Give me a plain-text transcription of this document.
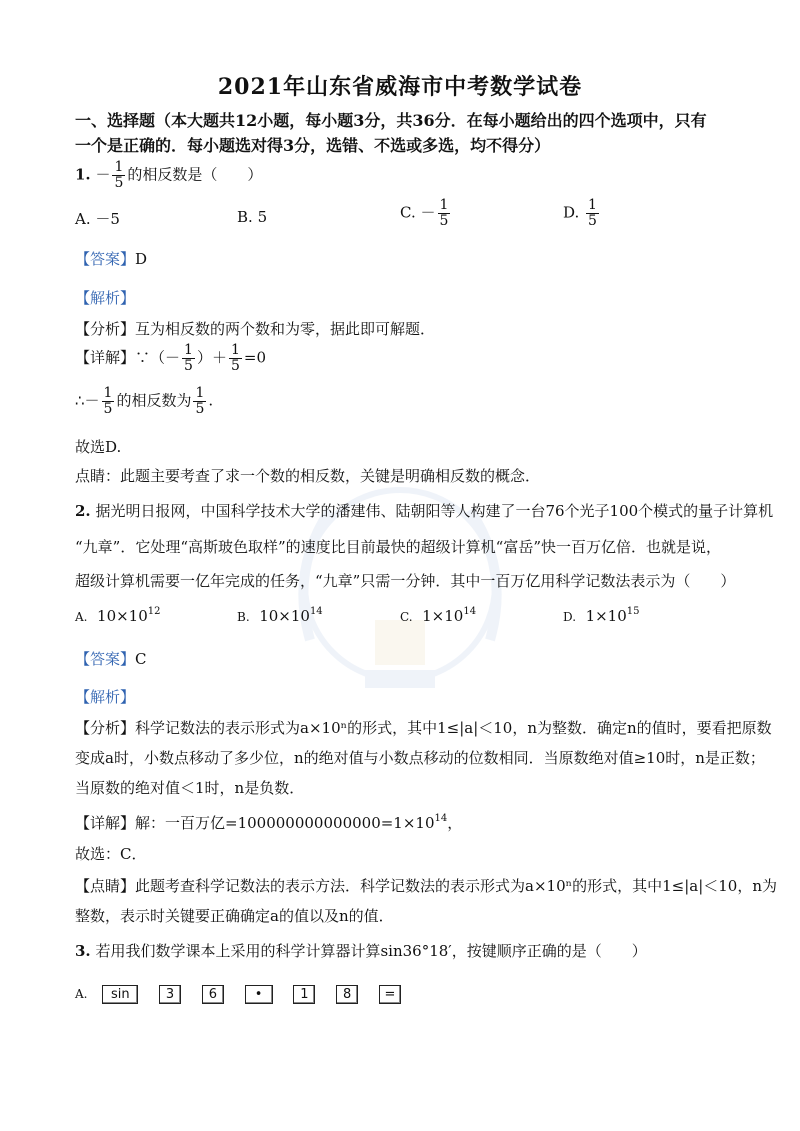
2021年山东省威海市中考数学试卷
一、选择题（本大题共12小题，每小题3分，共36分．在每小题给出的四个选项中，只有
一个是正确的．每小题选对得3分，选错、不选或多选，均不得分）
1. － $\frac{1}{5}$ 的相反数是（　　）
A. －5	B. 5	C. － $\frac{1}{5}$	D. $\frac{1}{5}$
【答案】D
【解析】
【分析】互为相反数的两个数和为零，据此即可解题．
【详解】∵（－ $\frac{1}{5}$ ）＋ $\frac{1}{5} =0$
∴－ $\frac{1}{5}$ 的相反数为 $\frac{1}{5}$ .
故选D.
点睛：此题主要考查了求一个数的相反数，关键是明确相反数的概念．
2. 据光明日报网，中国科学技术大学的潘建伟、陆朝阳等人构建了一台76个光子100个模式的量子计算机
“九章”．它处理“高斯玻色取样”的速度比目前最快的超级计算机“富岳”快一百万亿倍．也就是说，
超级计算机需要一亿年完成的任务，“九章”只需一分钟．其中一百万亿用科学记数法表示为（　　）
A. $10\times 10^{12}$	B. $10\times 10^{14}$	C. $1\times 10^{14}$	D. $1\times 10^{15}$
【答案】C
【解析】
【分析】科学记数法的表示形式为a×10ⁿ的形式，其中1≤|a|＜10，n为整数．确定n的值时，要看把原数
变成a时，小数点移动了多少位，n的绝对值与小数点移动的位数相同．当原数绝对值≥10时，n是正数；
当原数的绝对值＜1时，n是负数．
【详解】解：一百万亿$=100000000000000=1\times 10^{14}$，
故选：C．
【点睛】此题考查科学记数法的表示方法．科学记数法的表示形式为a×10ⁿ的形式，其中1≤|a|＜10，n为
整数，表示时关键要正确确定a的值以及n的值．
3. 若用我们数学课本上采用的科学计算器计算sin36°18′，按键顺序正确的是（　　）
A. sin	3	6	•	1	8	=
